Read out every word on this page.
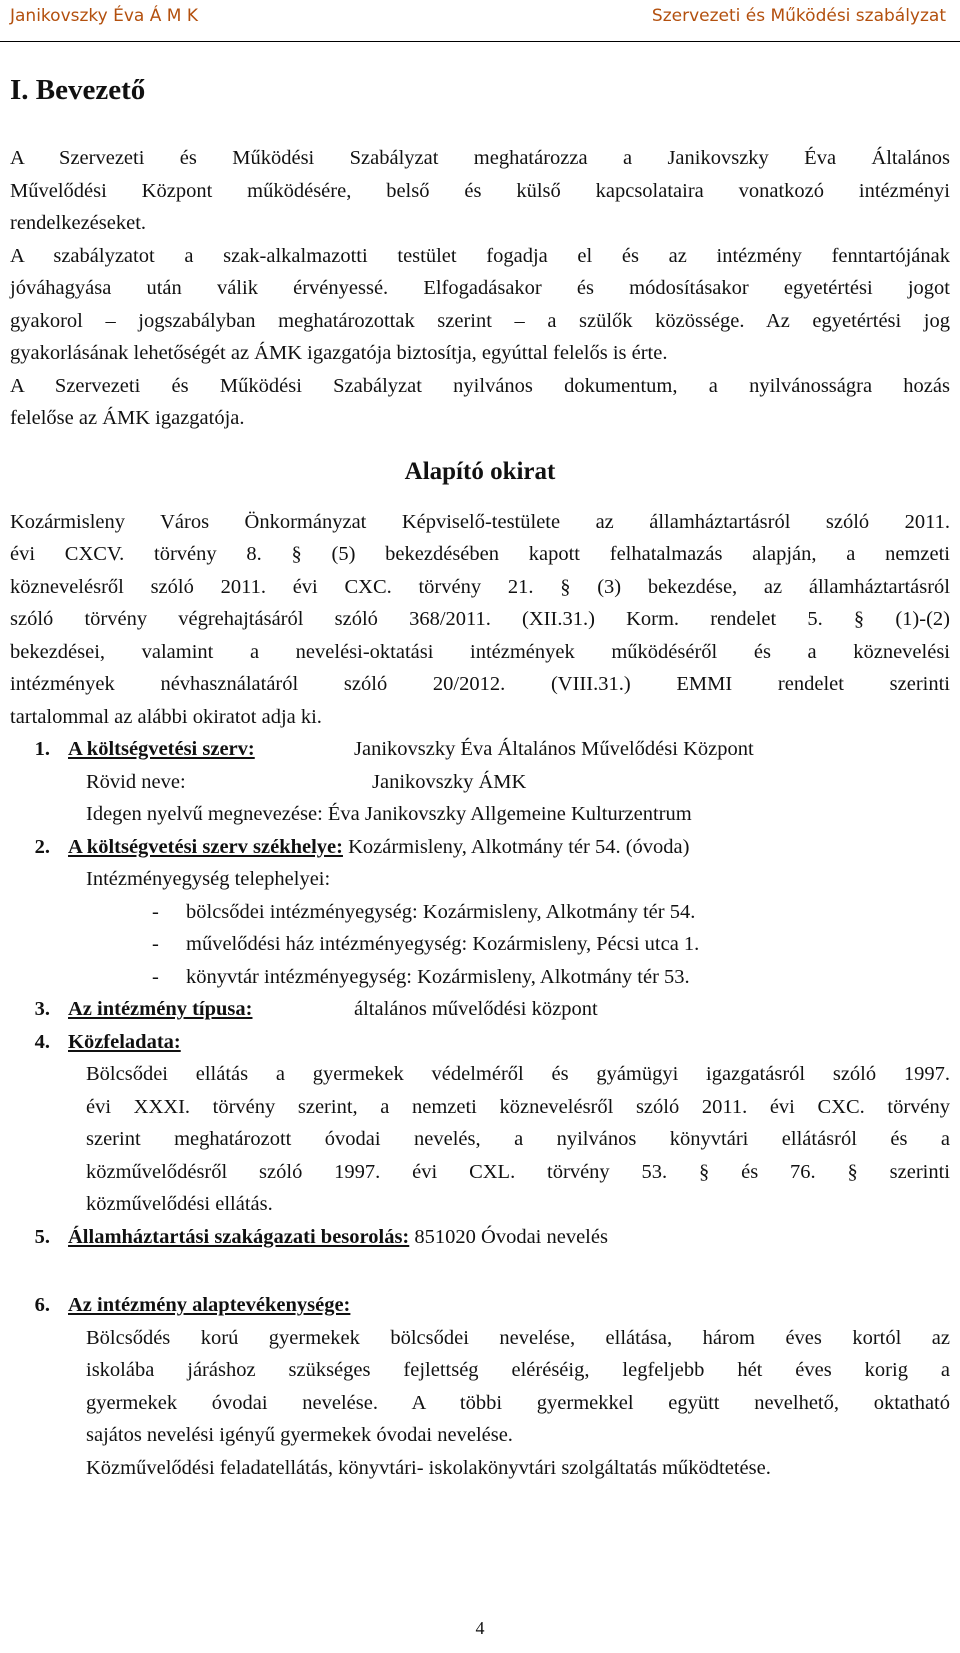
Janikovszky Éva Á M K	Szervezeti és Működési szabályzat
I. Bevezető

A Szervezeti és Működési Szabályzat meghatározza a Janikovszky Éva Általános

Művelődési Központ működésére, belső és külső kapcsolataira vonatkozó intézményi

rendelkezéseket.

A szabályzatot a szak-alkalmazotti testület fogadja el és az intézmény fenntartójának

jóváhagyása után válik érvényessé. Elfogadásakor és módosításakor egyetértési jogot

gyakorol – jogszabályban meghatározottak szerint – a szülők közössége. Az egyetértési jog

gyakorlásának lehetőségét az ÁMK igazgatója biztosítja, egyúttal felelős is érte.

A Szervezeti és Működési Szabályzat nyilvános dokumentum, a nyilvánosságra hozás

felelőse az ÁMK igazgatója.

Alapító okirat

Kozármisleny Város Önkormányzat Képviselő-testülete az államháztartásról szóló 2011.

évi CXCV. törvény 8. § (5) bekezdésében kapott felhatalmazás alapján, a nemzeti

köznevelésről szóló 2011. évi CXC. törvény 21. § (3) bekezdése, az államháztartásról

szóló törvény végrehajtásáról szóló 368/2011. (XII.31.) Korm. rendelet 5. § (1)-(2)

bekezdései, valamint a nevelési-oktatási intézmények működéséről és a köznevelési

intézmények névhasználatáról szóló 20/2012. (VIII.31.) EMMI rendelet szerinti

tartalommal az alábbi okiratot adja ki.

1. A költségvetési szerv:	Janikovszky Éva Általános Művelődési Központ

Rövid neve:	Janikovszky ÁMK

Idegen nyelvű megnevezése: Éva Janikovszky Allgemeine Kulturzentrum

2. A költségvetési szerv székhelye: Kozármisleny, Alkotmány tér 54. (óvoda)

Intézményegység telephelyei:

- bölcsődei intézményegység: Kozármisleny, Alkotmány tér 54.

- művelődési ház intézményegység: Kozármisleny, Pécsi utca 1.

- könyvtár intézményegység: Kozármisleny, Alkotmány tér 53.

3. Az intézmény típusa:	általános művelődési központ
4. Közfeladata:

Bölcsődei ellátás a gyermekek védelméről és gyámügyi igazgatásról szóló 1997.

évi XXXI. törvény szerint, a nemzeti köznevelésről szóló 2011. évi CXC. törvény

szerint meghatározott óvodai nevelés, a nyilvános könyvtári ellátásról és a

közművelődésről szóló 1997. évi CXL. törvény 53. § és 76. § szerinti

közművelődési ellátás.

5. Államháztartási szakágazati besorolás: 851020 Óvodai nevelés
6. Az intézmény alaptevékenysége:

Bölcsődés korú gyermekek bölcsődei nevelése, ellátása, három éves kortól az

iskolába járáshoz szükséges fejlettség eléréséig, legfeljebb hét éves korig a

gyermekek óvodai nevelése. A többi gyermekkel együtt nevelhető, oktatható

sajátos nevelési igényű gyermekek óvodai nevelése.

Közművelődési feladatellátás, könyvtári- iskolakönyvtári szolgáltatás működtetése.

4
